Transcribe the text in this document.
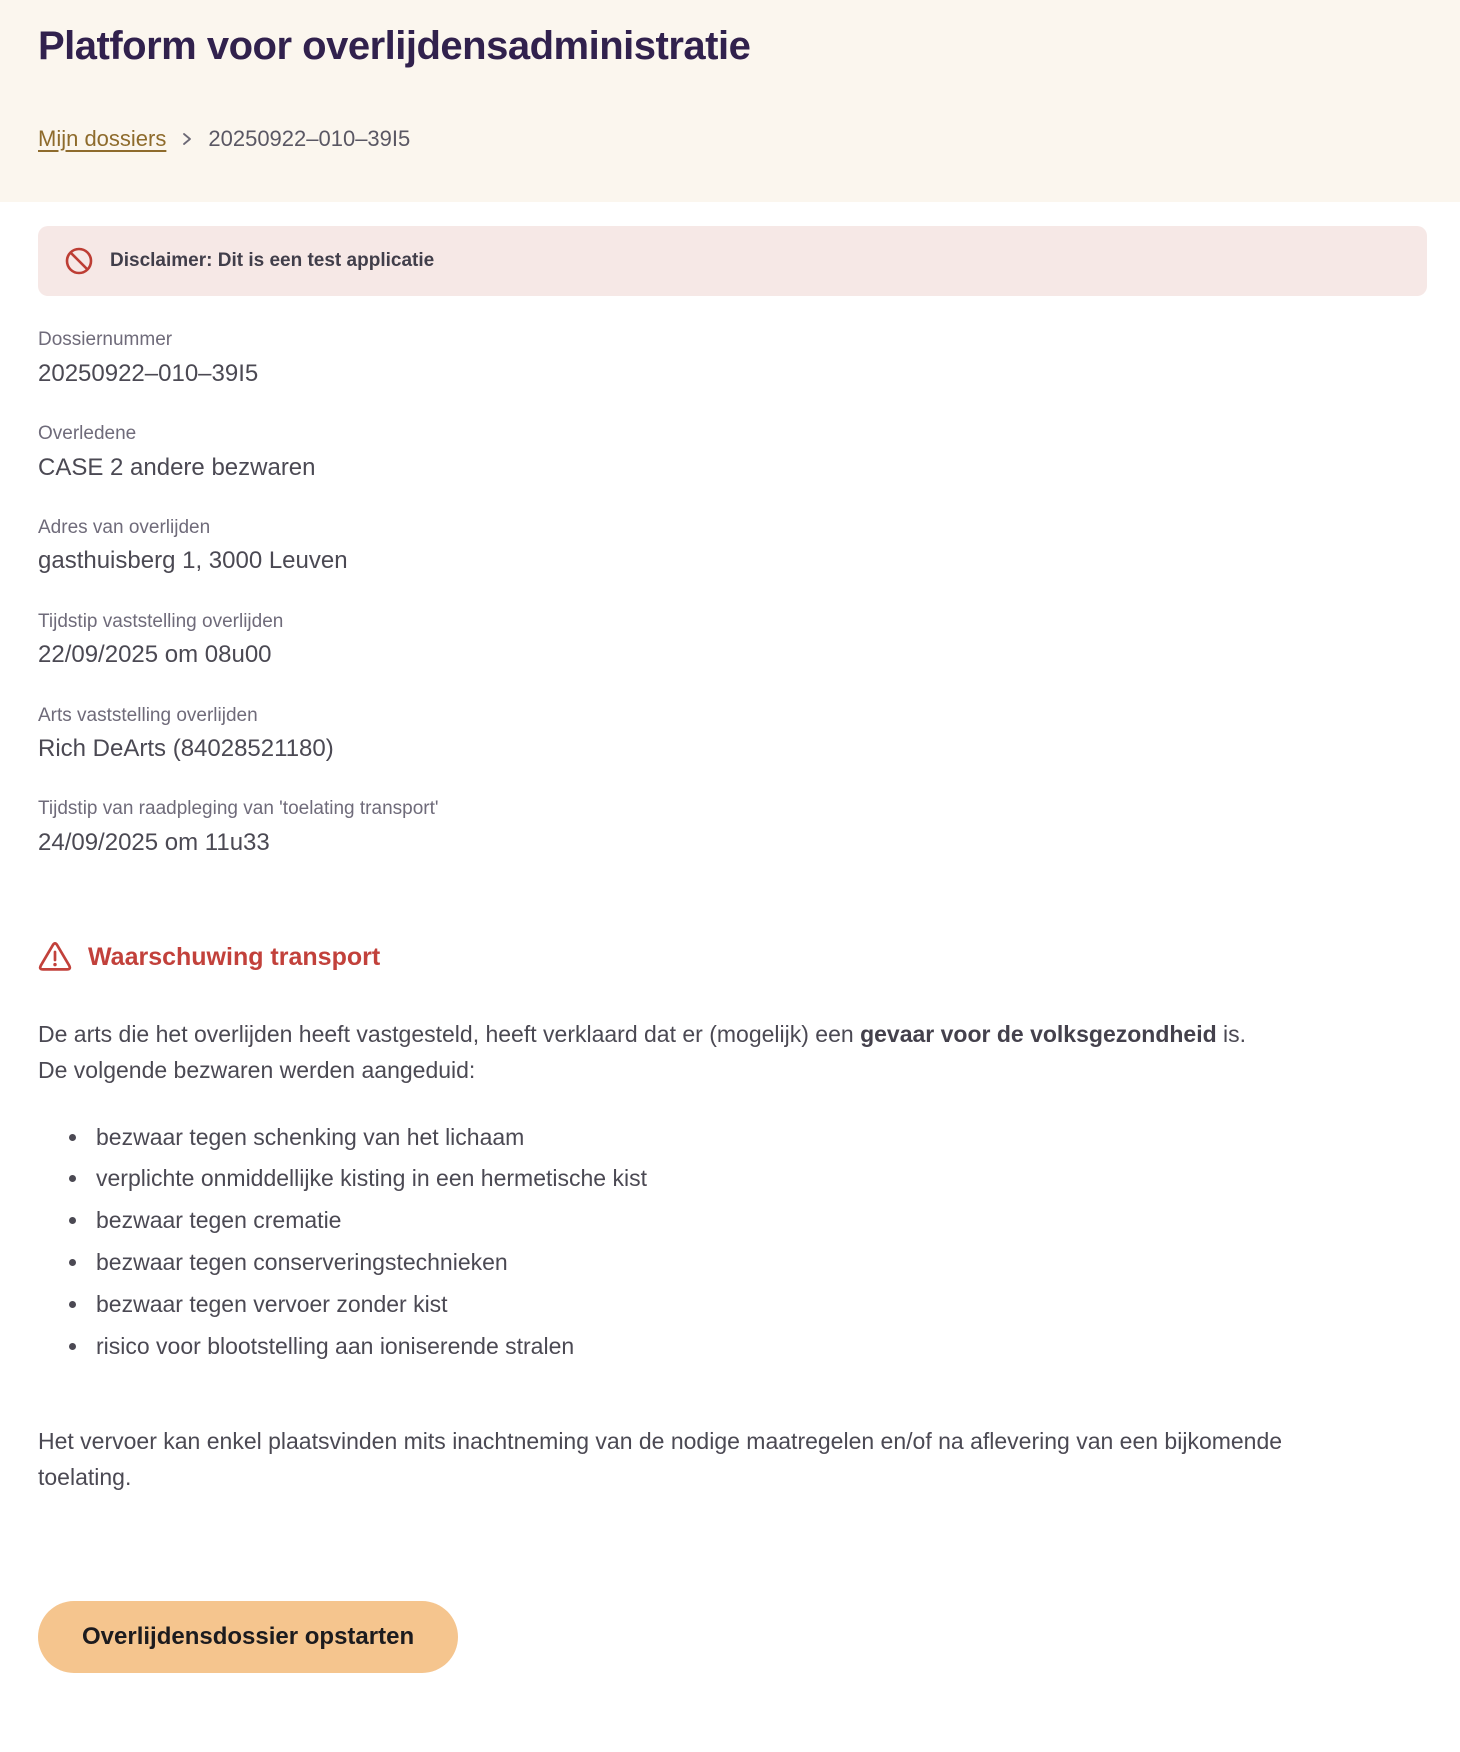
Platform voor overlijdensadministratie
Mijn dossiers 20250922–010–39I5
Disclaimer: Dit is een test applicatie
Dossiernummer
20250922–010–39I5
Overledene
CASE 2 andere bezwaren
Adres van overlijden
gasthuisberg 1, 3000 Leuven
Tijdstip vaststelling overlijden
22/09/2025 om 08u00
Arts vaststelling overlijden
Rich DeArts (84028521180)
Tijdstip van raadpleging van 'toelating transport'
24/09/2025 om 11u33
Waarschuwing transport

De arts die het overlijden heeft vastgesteld, heeft verklaard dat er (mogelijk) een gevaar voor de volksgezondheid is. De volgende bezwaren werden aangeduid:

• bezwaar tegen schenking van het lichaam
• verplichte onmiddellijke kisting in een hermetische kist
• bezwaar tegen crematie
• bezwaar tegen conserveringstechnieken
• bezwaar tegen vervoer zonder kist
• risico voor blootstelling aan ioniserende stralen

Het vervoer kan enkel plaatsvinden mits inachtneming van de nodige maatregelen en/of na aflevering van een bijkomende toelating.

Overlijdensdossier opstarten
